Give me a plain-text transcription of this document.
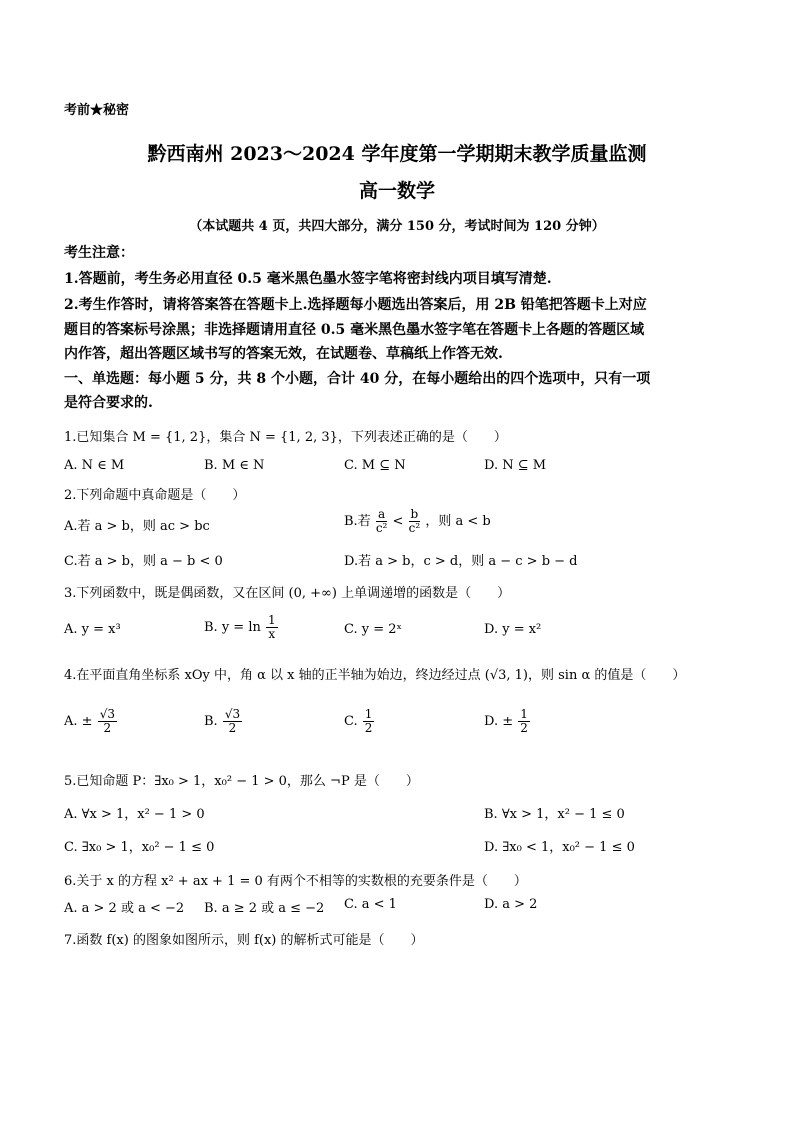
考前★秘密
黔西南州 2023～2024 学年度第一学期期末教学质量监测
高一数学
（本试题共 4 页，共四大部分，满分 150 分，考试时间为 120 分钟）
考生注意：
1.答题前，考生务必用直径 0.5 毫米黑色墨水签字笔将密封线内项目填写清楚.
2.考生作答时，请将答案答在答题卡上.选择题每小题选出答案后，用 2B 铅笔把答题卡上对应
题目的答案标号涂黑；非选择题请用直径 0.5 毫米黑色墨水签字笔在答题卡上各题的答题区域
内作答，超出答题区域书写的答案无效，在试题卷、草稿纸上作答无效.
一、单选题：每小题 5 分，共 8 个小题，合计 40 分，在每小题给出的四个选项中，只有一项
是符合要求的.
1.已知集合 M = {1, 2}，集合 N = {1, 2, 3}，下列表述正确的是（　　）
A. N ∈ M	B. M ∈ N	C. M ⊆ N	D. N ⊆ M
2.下列命题中真命题是（　　）
A.若 a > b，则 ac > bc	B.若 $\frac{a}{\text{c²}} < \frac{b}{\text{c²}}$ ，则 a < b
C.若 a > b，则 a − b < 0	D.若 a > b，c > d，则 a − c > b − d
3.下列函数中，既是偶函数，又在区间 (0, +∞) 上单调递增的函数是（　　）
A. y = x³	B. $y = \ln \frac{1}{x}$	C. y = 2ˣ	D. y = x²
4.在平面直角坐标系 xOy 中，角 α 以 x 轴的正半轴为始边，终边经过点 (√3, 1)，则 sin α 的值是（　　）
A. ± $\frac{√3}{2}$	B. $\frac{√3}{2}$	C. $\frac{1}{2}$	D. ± $\frac{1}{2}$
5.已知命题 P：∃x₀ > 1，x₀² − 1 > 0，那么 ¬P 是（　　）
A. ∀x > 1，x² − 1 > 0	B. ∀x > 1，x² − 1 ≤ 0
C. ∃x₀ > 1，x₀² − 1 ≤ 0	D. ∃x₀ < 1，x₀² − 1 ≤ 0
6.关于 x 的方程 x² + ax + 1 = 0 有两个不相等的实数根的充要条件是（　　）
A. a > 2 或 a < −2 B. a ≥ 2 或 a ≤ −2 C. a < 1	D. a > 2
7.函数 f(x) 的图象如图所示，则 f(x) 的解析式可能是（　　）
